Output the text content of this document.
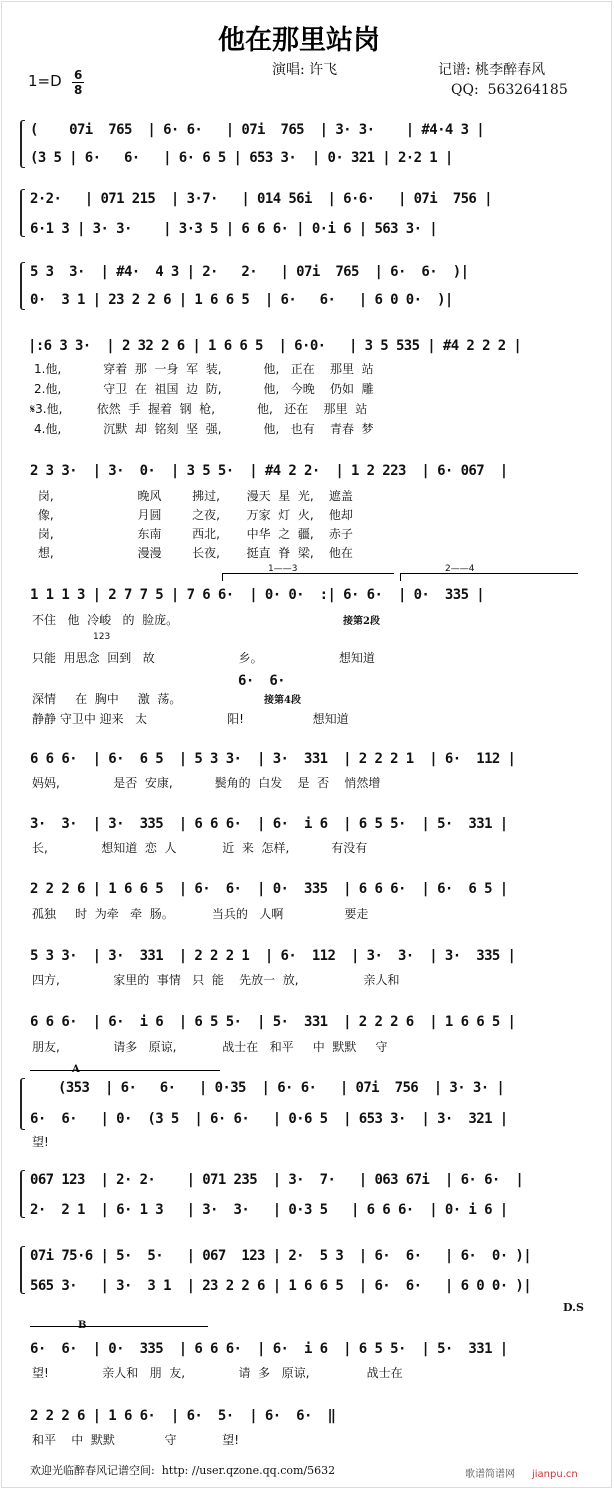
他在那里站岗
演唱: 许飞	记谱: 桃李醉春风
QQ:  563264185
1=D 6
8
(    07i  765  | 6· 6·   | 07i  765  | 3· 3·    | #4·4 3 |
(3 5 | 6·   6·   | 6· 6 5 | 653 3·  | 0· 321 | 2·2 1 |
2·2·   | 071 215  | 3·7·   | 014 56i  | 6·6·   | 07i  756 |
6·1 3 | 3· 3·    | 3·3 5 | 6 6 6· | 0·i 6 | 563 3· |
5 3  3·  | #4·  4 3 | 2·   2·   | 07i  765  | 6·  6·  )|
0·  3 1 | 23 2 2 6 | 1 6 6 5  | 6·   6·   | 6 0 0·  )|
|:6 3 3·  | 2 32 2 6 | 1 6 6 5  | 6·0·   | 3 5 535 | #4 2 2 2 |
1.他,           穿着  那  一身  军  装,           他,   正在    那里  站
2.他,           守卫  在  祖国  边  防,           他,   今晚    仍如  雕
𝄋3.他,         依然  手  握着  钢  枪,           他,   还在    那里  站
4.他,           沉默  却  铭刻  坚  强,           他,   也有    青春  梦
2 3 3·  | 3·  0·  | 3 5 5·  | #4 2 2·  | 1 2 223  | 6· 067  |
岗,                      晚风        拂过,       漫天  星  光,    遮盖
像,                      月圆        之夜,       万家  灯  火,    他却
岗,                      东南        西北,       中华  之  疆,    赤子
想,                      漫漫        长夜,       挺直  脊  梁,    他在
1——3	2——4
1 1 1 3 | 2 7 7 5 | 7 6 6·  | 0· 0·  :| 6· 6·  | 0·  335 |
不住   他  冷峻   的  脸庞。	接第2段
123
只能  用思念  回到   故                      乡。                    想知道
6·  6·
深情     在  胸中     激  荡。	接第4段
静静 守卫中 迎来   太                     阳!                  想知道
6 6 6·  | 6·  6 5  | 5 3 3·  | 3·  331  | 2 2 2 1  | 6·  112 |
妈妈,              是否  安康,           鬓角的  白发    是  否    悄然增
3·  3·  | 3·  335  | 6 6 6·  | 6·  i 6  | 6 5 5·  | 5·  331 |
长,              想知道  恋  人            近  来  怎样,           有没有
2 2 2 6 | 1 6 6 5  | 6·  6·  | 0·  335  | 6 6 6·  | 6·  6 5 |
孤独     时  为牵   牵  肠。          当兵的   人啊                要走
5 3 3·  | 3·  331  | 2 2 2 1  | 6·  112  | 3·  3·  | 3·  335 |
四方,              家里的  事情   只  能    先放一  放,                 亲人和
6 6 6·  | 6·  i 6  | 6 5 5·  | 5·  331  | 2 2 2 6  | 1 6 6 5 |
朋友,              请多   原谅,            战士在   和平     中  默默     守
(353  | 6·   6·   | 0·35  | 6· 6·   | 07i  756  | 3· 3· |
6·  6·   | 0·  (3 5  | 6· 6·   | 0·6 5  | 653 3·  | 3·  321 |
望!
067 123  | 2· 2·    | 071 235  | 3·  7·   | 063 67i  | 6· 6·  |
2·  2 1  | 6· 1 3   | 3·  3·   | 0·3 5   | 6 6 6·  | 0· i 6 |
07i 75·6 | 5·  5·   | 067  123 | 2·  5 3  | 6·  6·   | 6·  0· )|
565 3·   | 3·  3 1  | 23 2 2 6 | 1 6 6 5  | 6·  6·   | 6 0 0· )|
D.S
6·  6·  | 0·  335  | 6 6 6·  | 6·  i 6  | 6 5 5·  | 5·  331 |
望!              亲人和   朋  友,              请  多   原谅,               战士在
2 2 2 6 | 1 6 6·  | 6·  5·  | 6·  6·  ‖
和平    中  默默             守            望!
欢迎光临醉春风记谱空间:  http: //user.qzone.qq.com/5632	歌谱简谱网 jianpu.cn
